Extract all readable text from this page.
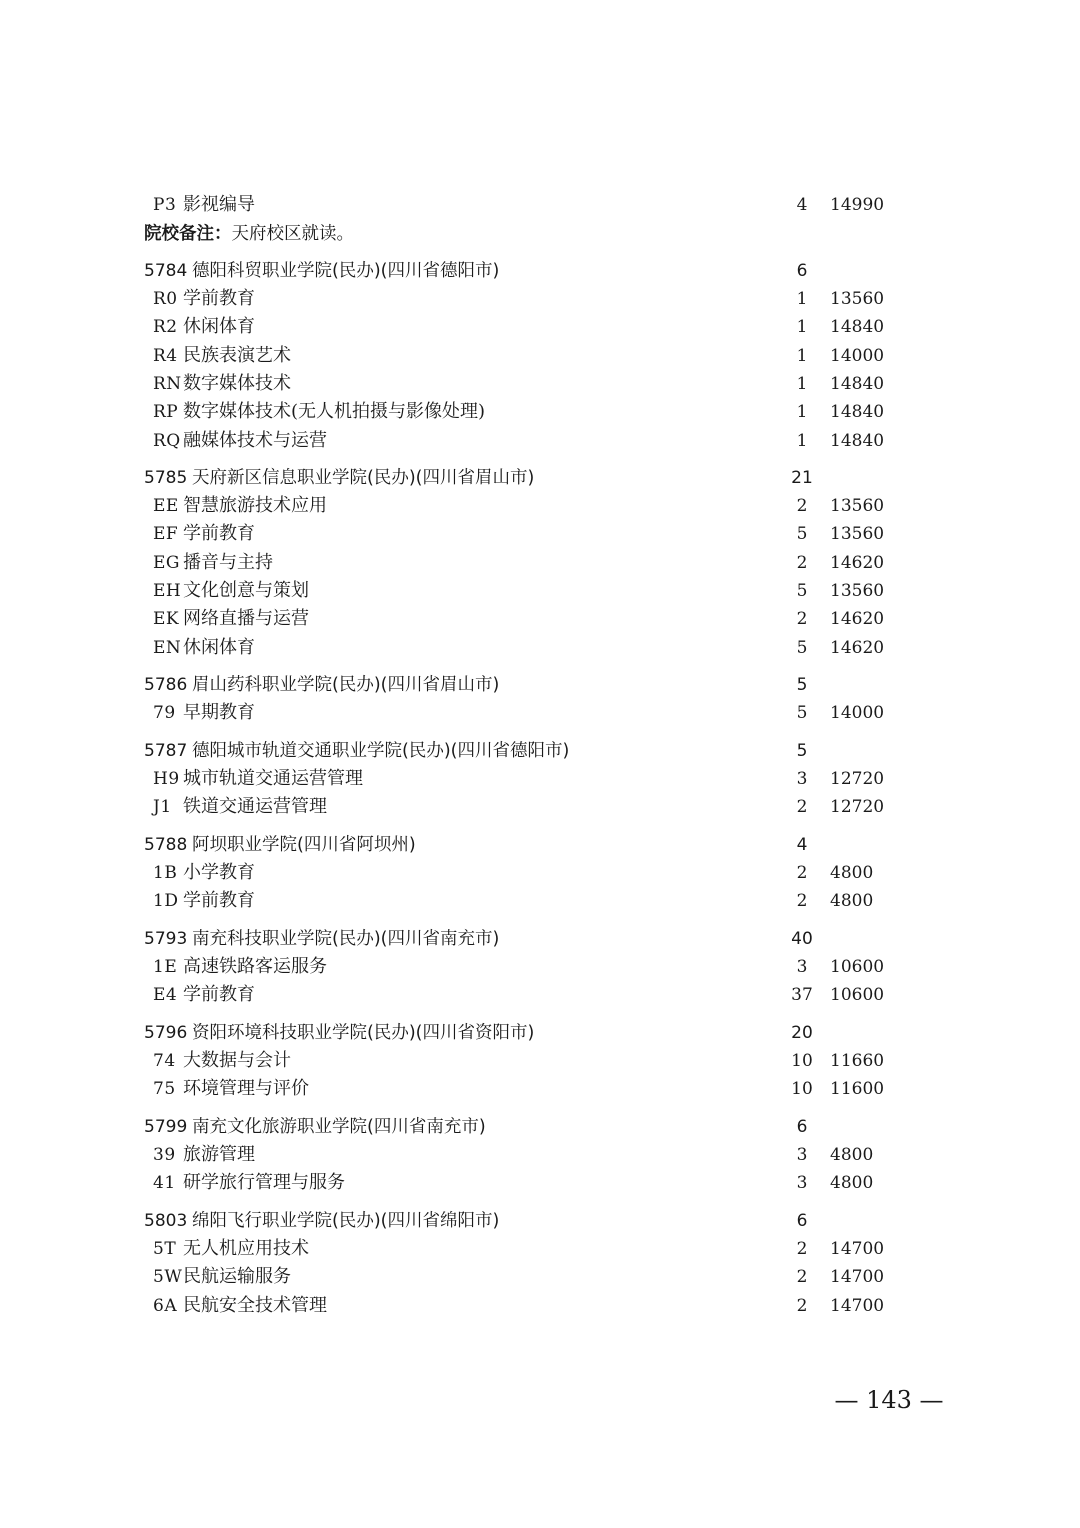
P3 影视编导	4	14990
院校备注：天府校区就读。
5784 德阳科贸职业学院(民办)(四川省德阳市)	6
R0 学前教育	1	13560
R2 休闲体育	1	14840
R4 民族表演艺术	1	14000
RN 数字媒体技术	1	14840
RP 数字媒体技术(无人机拍摄与影像处理)	1	14840
RQ 融媒体技术与运营	1	14840
5785 天府新区信息职业学院(民办)(四川省眉山市)	21
EE 智慧旅游技术应用	2	13560
EF 学前教育	5	13560
EG 播音与主持	2	14620
EH 文化创意与策划	5	13560
EK 网络直播与运营	2	14620
EN 休闲体育	5	14620
5786 眉山药科职业学院(民办)(四川省眉山市)	5
79 早期教育	5	14000
5787 德阳城市轨道交通职业学院(民办)(四川省德阳市)	5
H9 城市轨道交通运营管理	3	12720
J1 铁道交通运营管理	2	12720
5788 阿坝职业学院(四川省阿坝州)	4
1B 小学教育	2	4800
1D 学前教育	2	4800
5793 南充科技职业学院(民办)(四川省南充市)	40
1E 高速铁路客运服务	3	10600
E4 学前教育	37	10600
5796 资阳环境科技职业学院(民办)(四川省资阳市)	20
74 大数据与会计	10	11660
75 环境管理与评价	10	11600
5799 南充文化旅游职业学院(四川省南充市)	6
39 旅游管理	3	4800
41 研学旅行管理与服务	3	4800
5803 绵阳飞行职业学院(民办)(四川省绵阳市)	6
5T 无人机应用技术	2	14700
5W 民航运输服务	2	14700
6A 民航安全技术管理	2	14700
— 143 —
